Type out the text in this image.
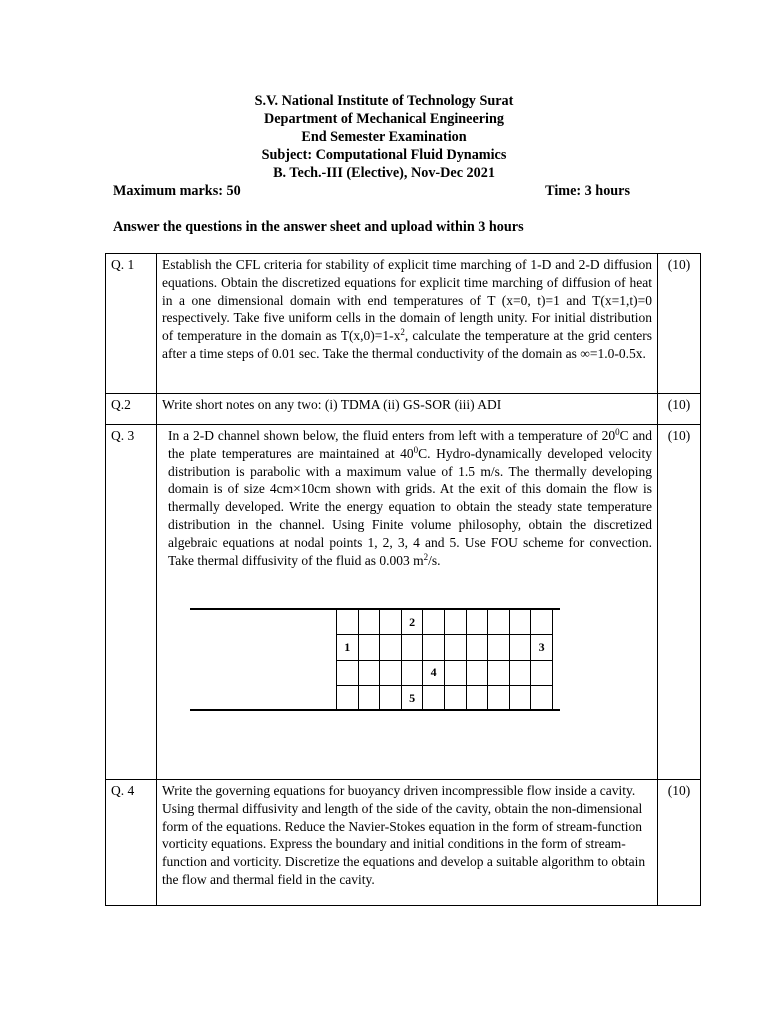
S.V. National Institute of Technology Surat
Department of Mechanical Engineering
End Semester Examination
Subject: Computational Fluid Dynamics
B. Tech.-III (Elective), Nov-Dec 2021
Maximum marks: 50	Time: 3 hours
Answer the questions in the answer sheet and upload within 3 hours
Q. 1	Establish the CFL criteria for stability of explicit time marching of 1-D and 2-D diffusion equations. Obtain the discretized equations for explicit time marching of diffusion of heat in a one dimensional domain with end temperatures of T (x=0, t)=1 and T(x=1,t)=0 respectively. Take five uniform cells in the domain of length unity. For initial distribution of temperature in the domain as $T(x,0)=1-x^2$, calculate the temperature at the grid centers after a time steps of 0.01 sec. Take the thermal conductivity of the domain as ∞=1.0-0.5x.	(10)
Q.2	Write short notes on any two: (i) TDMA (ii) GS-SOR (iii) ADI	(10)
Q. 3	In a 2-D channel shown below, the fluid enters from left with a temperature of $20^0C$ and the plate temperatures are maintained at $40^0C$. Hydro-dynamically developed velocity distribution is parabolic with a maximum value of 1.5 m/s. The thermally developing domain is of size 4cm×10cm shown with grids. At the exit of this domain the flow is thermally developed. Write the energy equation to obtain the steady state temperature distribution in the channel. Using Finite volume philosophy, obtain the discretized algebraic equations at nodal points 1, 2, 3, 4 and 5. Use FOU scheme for convection. Take thermal diffusivity of the fluid as 0.003 $m^2/s$.	(10)
Q. 4	Write the governing equations for buoyancy driven incompressible flow inside a cavity. Using thermal diffusivity and length of the side of the cavity, obtain the non-dimensional form of the equations. Reduce the Navier-Stokes equation in the form of stream-function vorticity equations. Express the boundary and initial conditions in the form of stream-function and vorticity. Discretize the equations and develop a suitable algorithm to obtain the flow and thermal field in the cavity.	(10)
			2						
1									3
				4					
			5						
